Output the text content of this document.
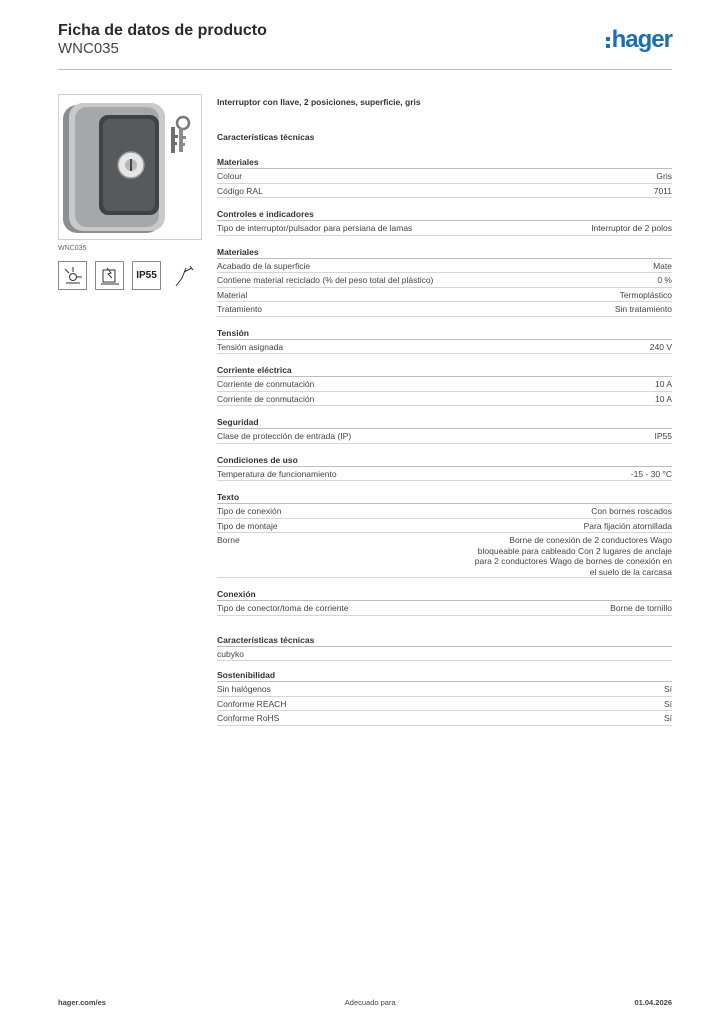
Ficha de datos de producto
WNC035	hager
WNC035
IP55
Interruptor con llave, 2 posiciones, superficie, gris
Características técnicas
Materiales
Colour	Gris
Código RAL	7011
Controles e indicadores
Tipo de interruptor/pulsador para persiana de lamas	Interruptor de 2 polos
Materiales
Acabado de la superficie	Mate
Contiene material reciclado (% del peso total del plástico)	0 %
Material	Termoplástico
Tratamiento	Sin tratamiento
Tensión
Tensión asignada	240 V
Corriente eléctrica
Corriente de conmutación	10 A
Corriente de conmutación	10 A
Seguridad
Clase de protección de entrada (IP)	IP55
Condiciones de uso
Temperatura de funcionamiento	-15 - 30 °C
Texto
Tipo de conexión	Con bornes roscados
Tipo de montaje	Para fijación atornillada
Borne	Borne de conexión de 2 conductores Wago bloqueable para cableado Con 2 lugares de anclaje para 2 conductores Wago de bornes de conexión en el suelo de la carcasa
Conexión
Tipo de conector/toma de corriente	Borne de tornillo
Características técnicas
cubyko
Sostenibilidad
Sin halógenos	Sí
Conforme REACH	Sí
Conforme RoHS	Sí
hager.com/es	Adecuado para	01.04.2026
